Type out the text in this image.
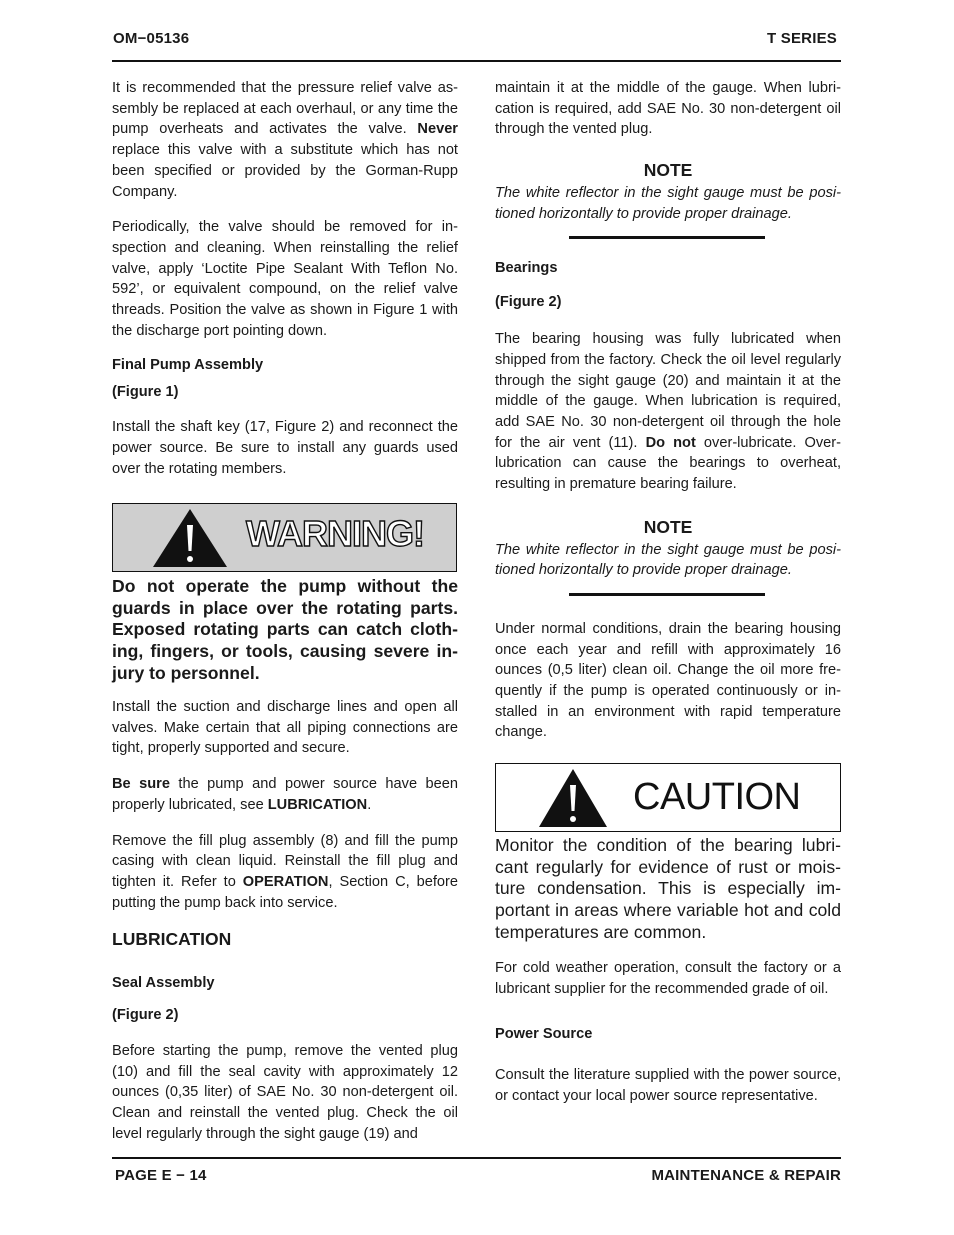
OM−05136	T SERIES

It is recommended that the pressure relief valve assembly be replaced at each overhaul, or any time the pump overheats and activates the valve. Never replace this valve with a substitute which has not been specified or provided by the Gorman-Rupp Company.

Periodically, the valve should be removed for inspection and cleaning. When reinstalling the relief valve, apply ‘Loctite Pipe Sealant With Teflon No. 592’, or equivalent compound, on the relief valve threads. Position the valve as shown in Figure 1 with the discharge port pointing down.

Final Pump Assembly

(Figure 1)

Install the shaft key (17, Figure 2) and reconnect the power source. Be sure to install any guards used over the rotating members.

WARNING!

Do not operate the pump without the guards in place over the rotating parts. Exposed rotating parts can catch clothing, fingers, or tools, causing severe injury to personnel.

Install the suction and discharge lines and open all valves. Make certain that all piping connections are tight, properly supported and secure.

Be sure the pump and power source have been properly lubricated, see LUBRICATION.

Remove the fill plug assembly (8) and fill the pump casing with clean liquid. Reinstall the fill plug and tighten it. Refer to OPERATION, Section C, before putting the pump back into service.

LUBRICATION

Seal Assembly

(Figure 2)

Before starting the pump, remove the vented plug (10) and fill the seal cavity with approximately 12 ounces (0,35 liter) of SAE No. 30 non-detergent oil. Clean and reinstall the vented plug. Check the oil level regularly through the sight gauge (19) and

maintain it at the middle of the gauge. When lubrication is required, add SAE No. 30 non-detergent oil through the vented plug.

NOTE

The white reflector in the sight gauge must be positioned horizontally to provide proper drainage.

Bearings

(Figure 2)

The bearing housing was fully lubricated when shipped from the factory. Check the oil level regularly through the sight gauge (20) and maintain it at the middle of the gauge. When lubrication is required, add SAE No. 30 non-detergent oil through the hole for the air vent (11). Do not over-lubricate. Over-lubrication can cause the bearings to overheat, resulting in premature bearing failure.

NOTE

The white reflector in the sight gauge must be positioned horizontally to provide proper drainage.

Under normal conditions, drain the bearing housing once each year and refill with approximately 16 ounces (0,5 liter) clean oil. Change the oil more frequently if the pump is operated continuously or installed in an environment with rapid temperature change.

CAUTION

Monitor the condition of the bearing lubricant regularly for evidence of rust or moisture condensation. This is especially important in areas where variable hot and cold temperatures are common.

For cold weather operation, consult the factory or a lubricant supplier for the recommended grade of oil.

Power Source

Consult the literature supplied with the power source, or contact your local power source representative.

PAGE E − 14	MAINTENANCE & REPAIR
